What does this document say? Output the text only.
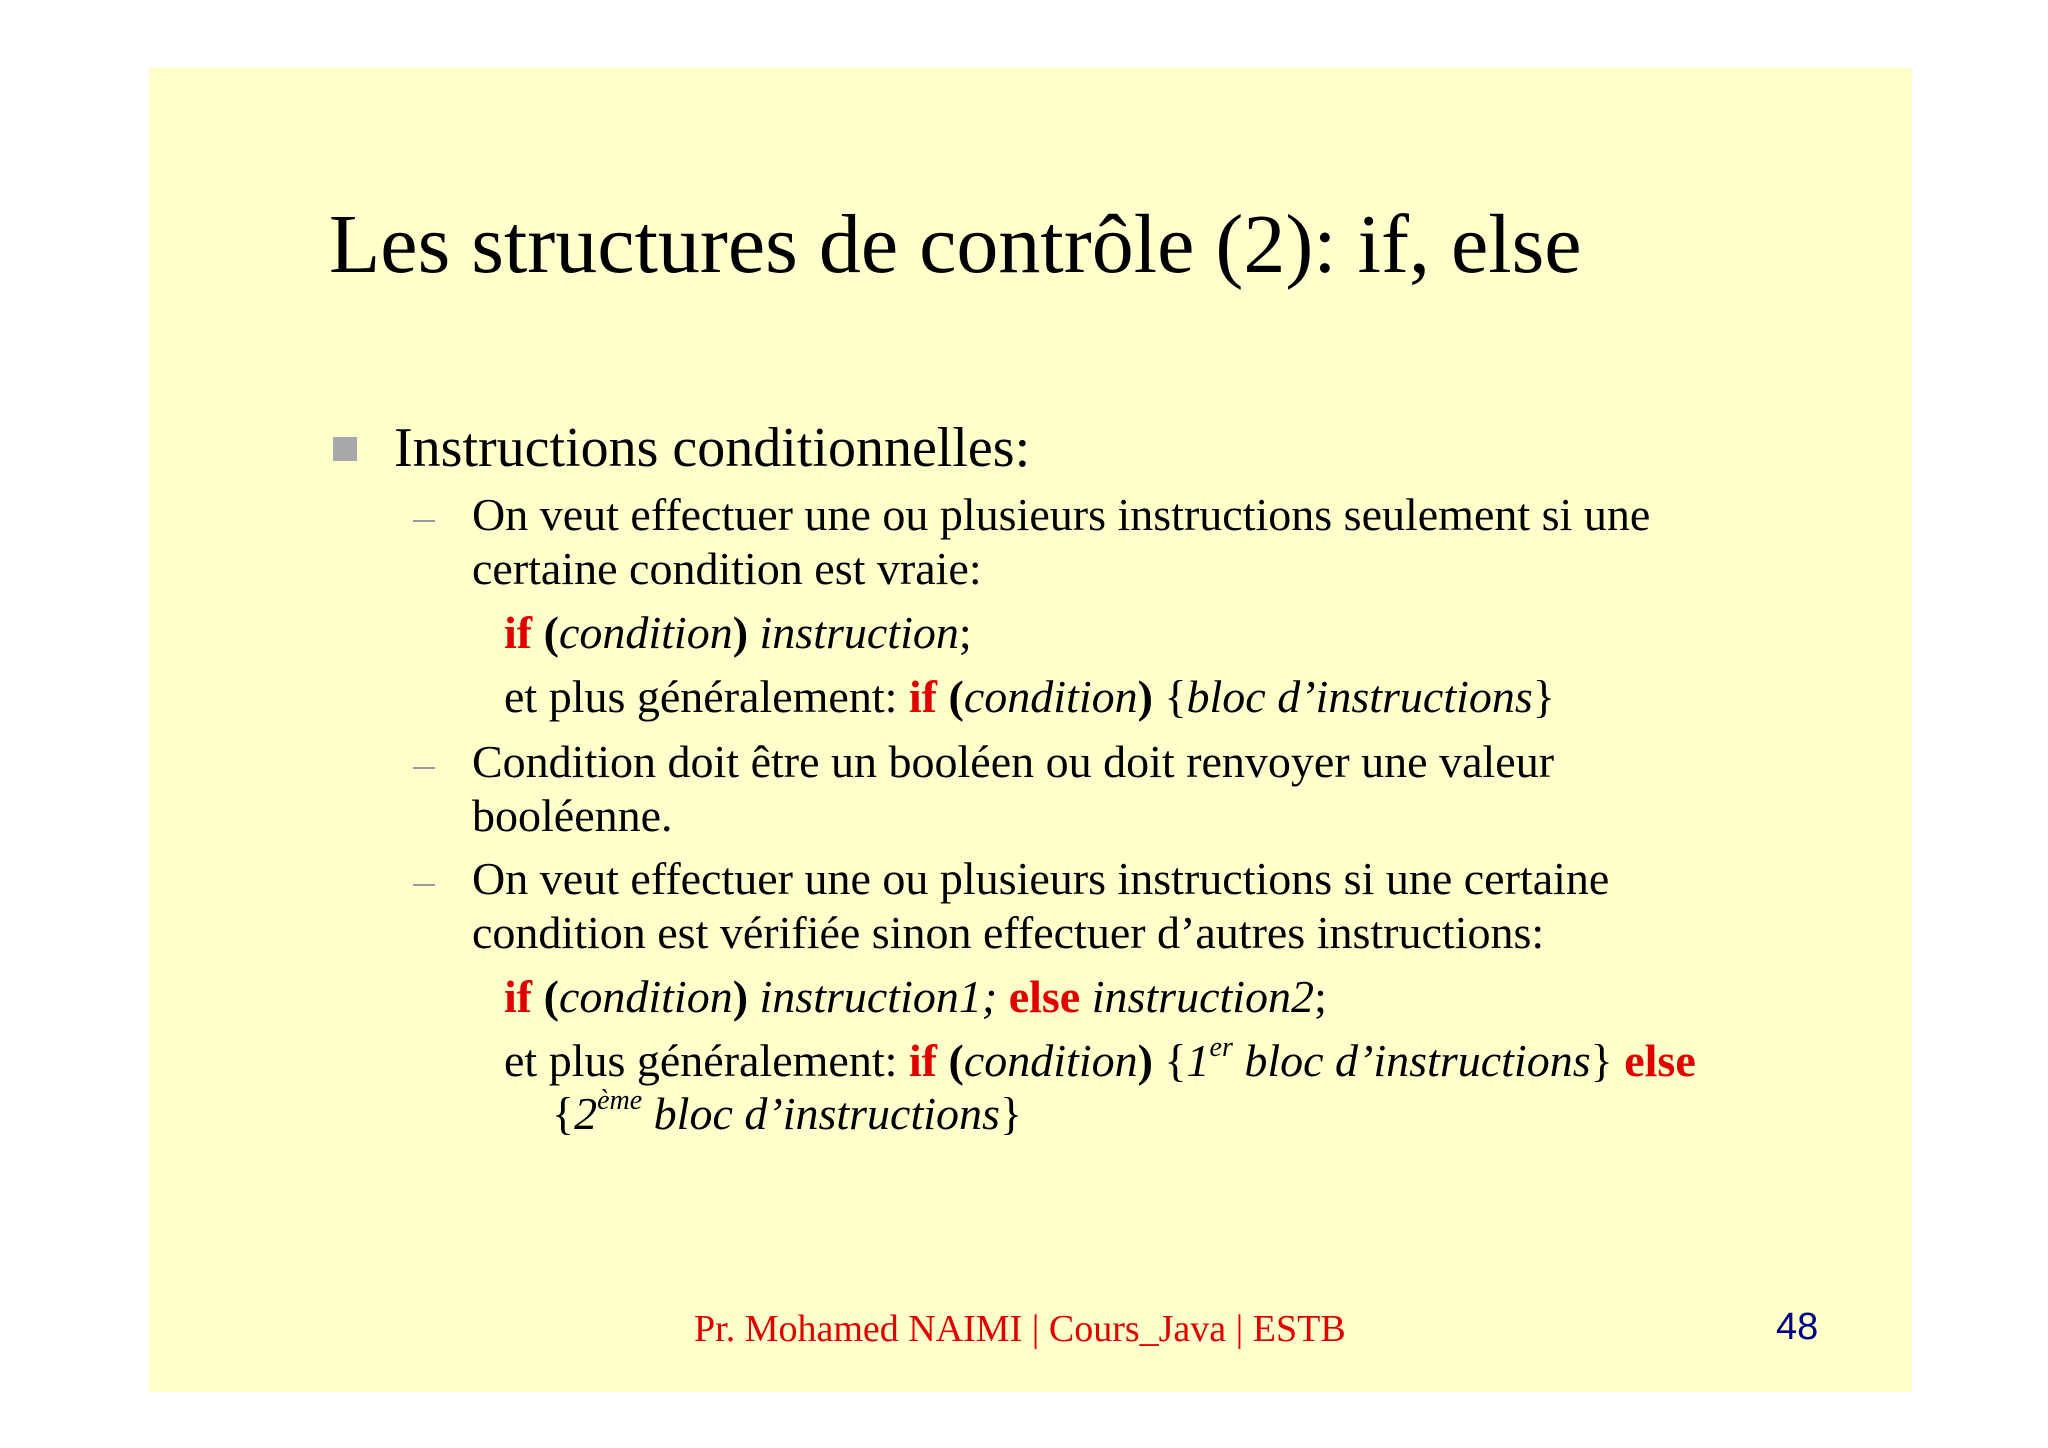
Les structures de contrôle (2): if, else
Instructions conditionnelles:
On veut effectuer une ou plusieurs instructions seulement si une
certaine condition est vraie:
if (condition) instruction;
et plus généralement: if (condition) {bloc d’instructions}
Condition doit être un booléen ou doit renvoyer une valeur
booléenne.
On veut effectuer une ou plusieurs instructions si une certaine
condition est vérifiée sinon effectuer d’autres instructions:
if (condition) instruction1; else instruction2;
et plus généralement: if (condition) {1er bloc d’instructions} else
{2ème bloc d’instructions}
Pr. Mohamed NAIMI | Cours_Java | ESTB	48
